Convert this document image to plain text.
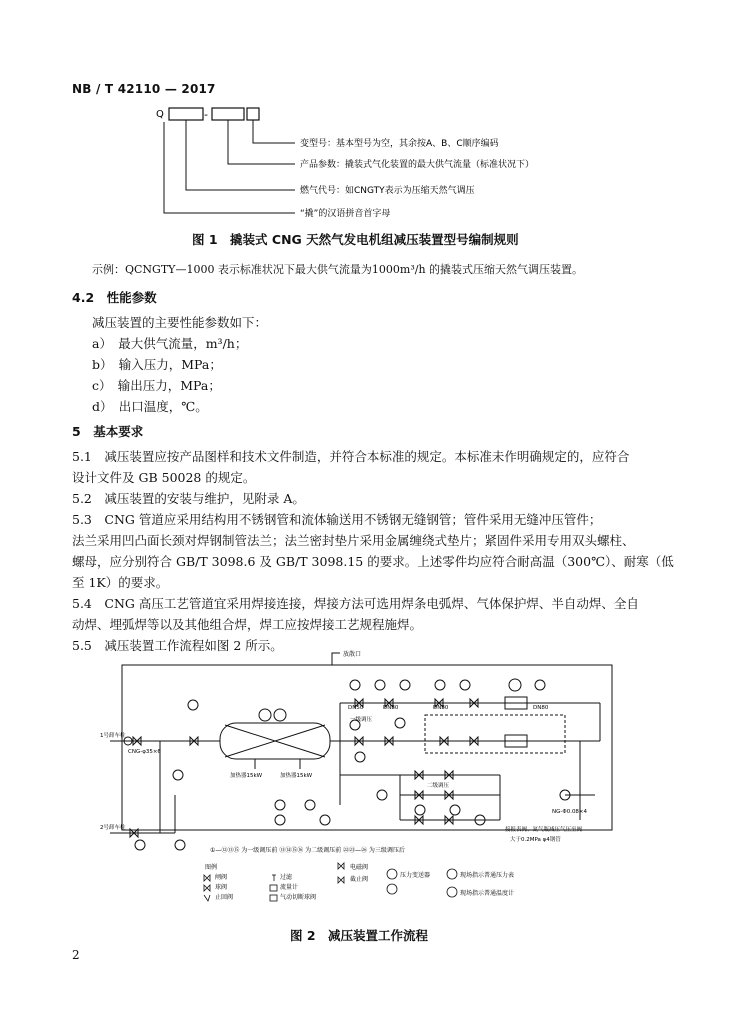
NB / T 42110 — 2017
Q	-
变型号：基本型号为空，其余按A、B、C顺序编码
产品参数：撬装式气化装置的最大供气流量（标准状况下）
燃气代号：如CNGTY表示为压缩天然气调压
“撬”的汉语拼音首字母
图 1　撬装式 CNG 天然气发电机组减压装置型号编制规则
示例：QCNGTY—1000 表示标准状况下最大供气流量为1000m³/h 的撬装式压缩天然气调压装置。
4.2　性能参数
减压装置的主要性能参数如下：
a）　最大供气流量，m³/h；
b）　输入压力，MPa；
c）　输出压力，MPa；
d）　出口温度，℃。
5　基本要求
5.1　减压装置应按产品图样和技术文件制造，并符合本标准的规定。本标准未作明确规定的，应符合
设计文件及 GB 50028 的规定。
5.2　减压装置的安装与维护，见附录 A。
5.3　CNG 管道应采用结构用不锈钢管和流体输送用不锈钢无缝钢管；管件采用无缝冲压管件；
法兰采用凹凸面长颈对焊钢制管法兰；法兰密封垫片采用金属缠绕式垫片；紧固件采用专用双头螺柱、
螺母，应分别符合 GB/T 3098.6 及 GB/T 3098.15 的要求。上述零件均应符合耐高温（300℃）、耐寒（低
至 1K）的要求。
5.4　CNG 高压工艺管道宜采用焊接连接，焊接方法可选用焊条电弧焊、气体保护焊、半自动焊、全自
动焊、埋弧焊等以及其他组合焊，焊工应按焊接工艺规程施焊。
5.5　减压装置工作流程如图 2 所示。
放散口
1号卸车柱
2号卸车柱
CNG-φ35×6
加热器15kW	加热器15kW
DN50	DN80	DN80	DN80
一级调压
二级调压
NG-Φ0.08×4
接报表阀、氮气瓶减压气压至阀
大于0.2MPa φ4钢管
①—⑫⑬⑮ 为一级调压前 ⑬⑭⑮⑯ 为二级调压前 ㉒㉓—㉖ 为三级调压后
图例
闸阀
球阀
止回阀
过滤
流量计
气动切断球阀
电磁阀
截止阀
压力变送器	现场指示普通压力表
现场指示普通温度计
图 2　减压装置工作流程
2
